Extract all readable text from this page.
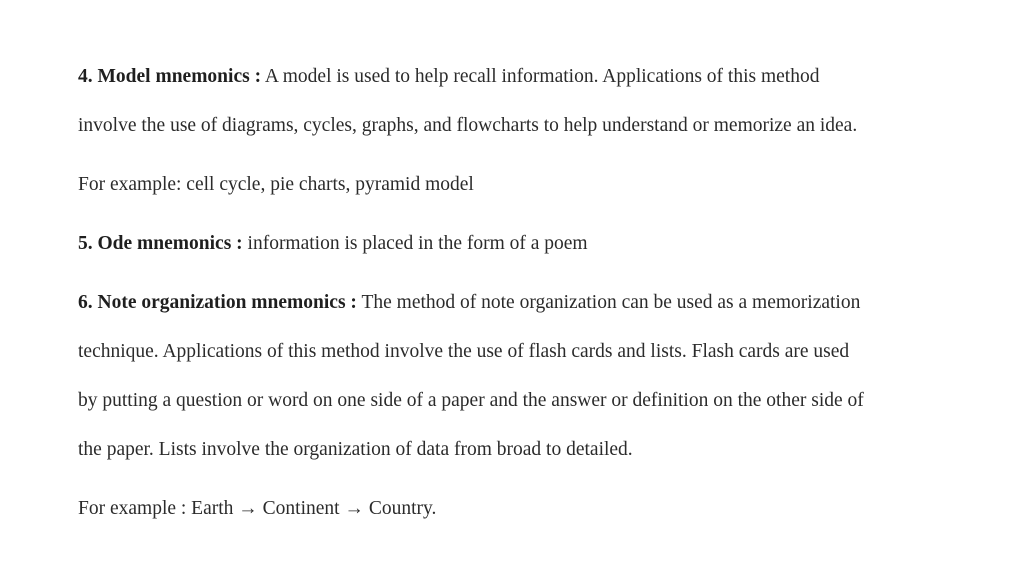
4. Model mnemonics : A model is used to help recall information. Applications of this method
involve the use of diagrams, cycles, graphs, and flowcharts to help understand or memorize an idea.

For example: cell cycle, pie charts, pyramid model

5. Ode mnemonics : information is placed in the form of a poem

6. Note organization mnemonics : The method of note organization can be used as a memorization
technique. Applications of this method involve the use of flash cards and lists. Flash cards are used
by putting a question or word on one side of a paper and the answer or definition on the other side of
the paper. Lists involve the organization of data from broad to detailed.

For example : Earth → Continent → Country.
